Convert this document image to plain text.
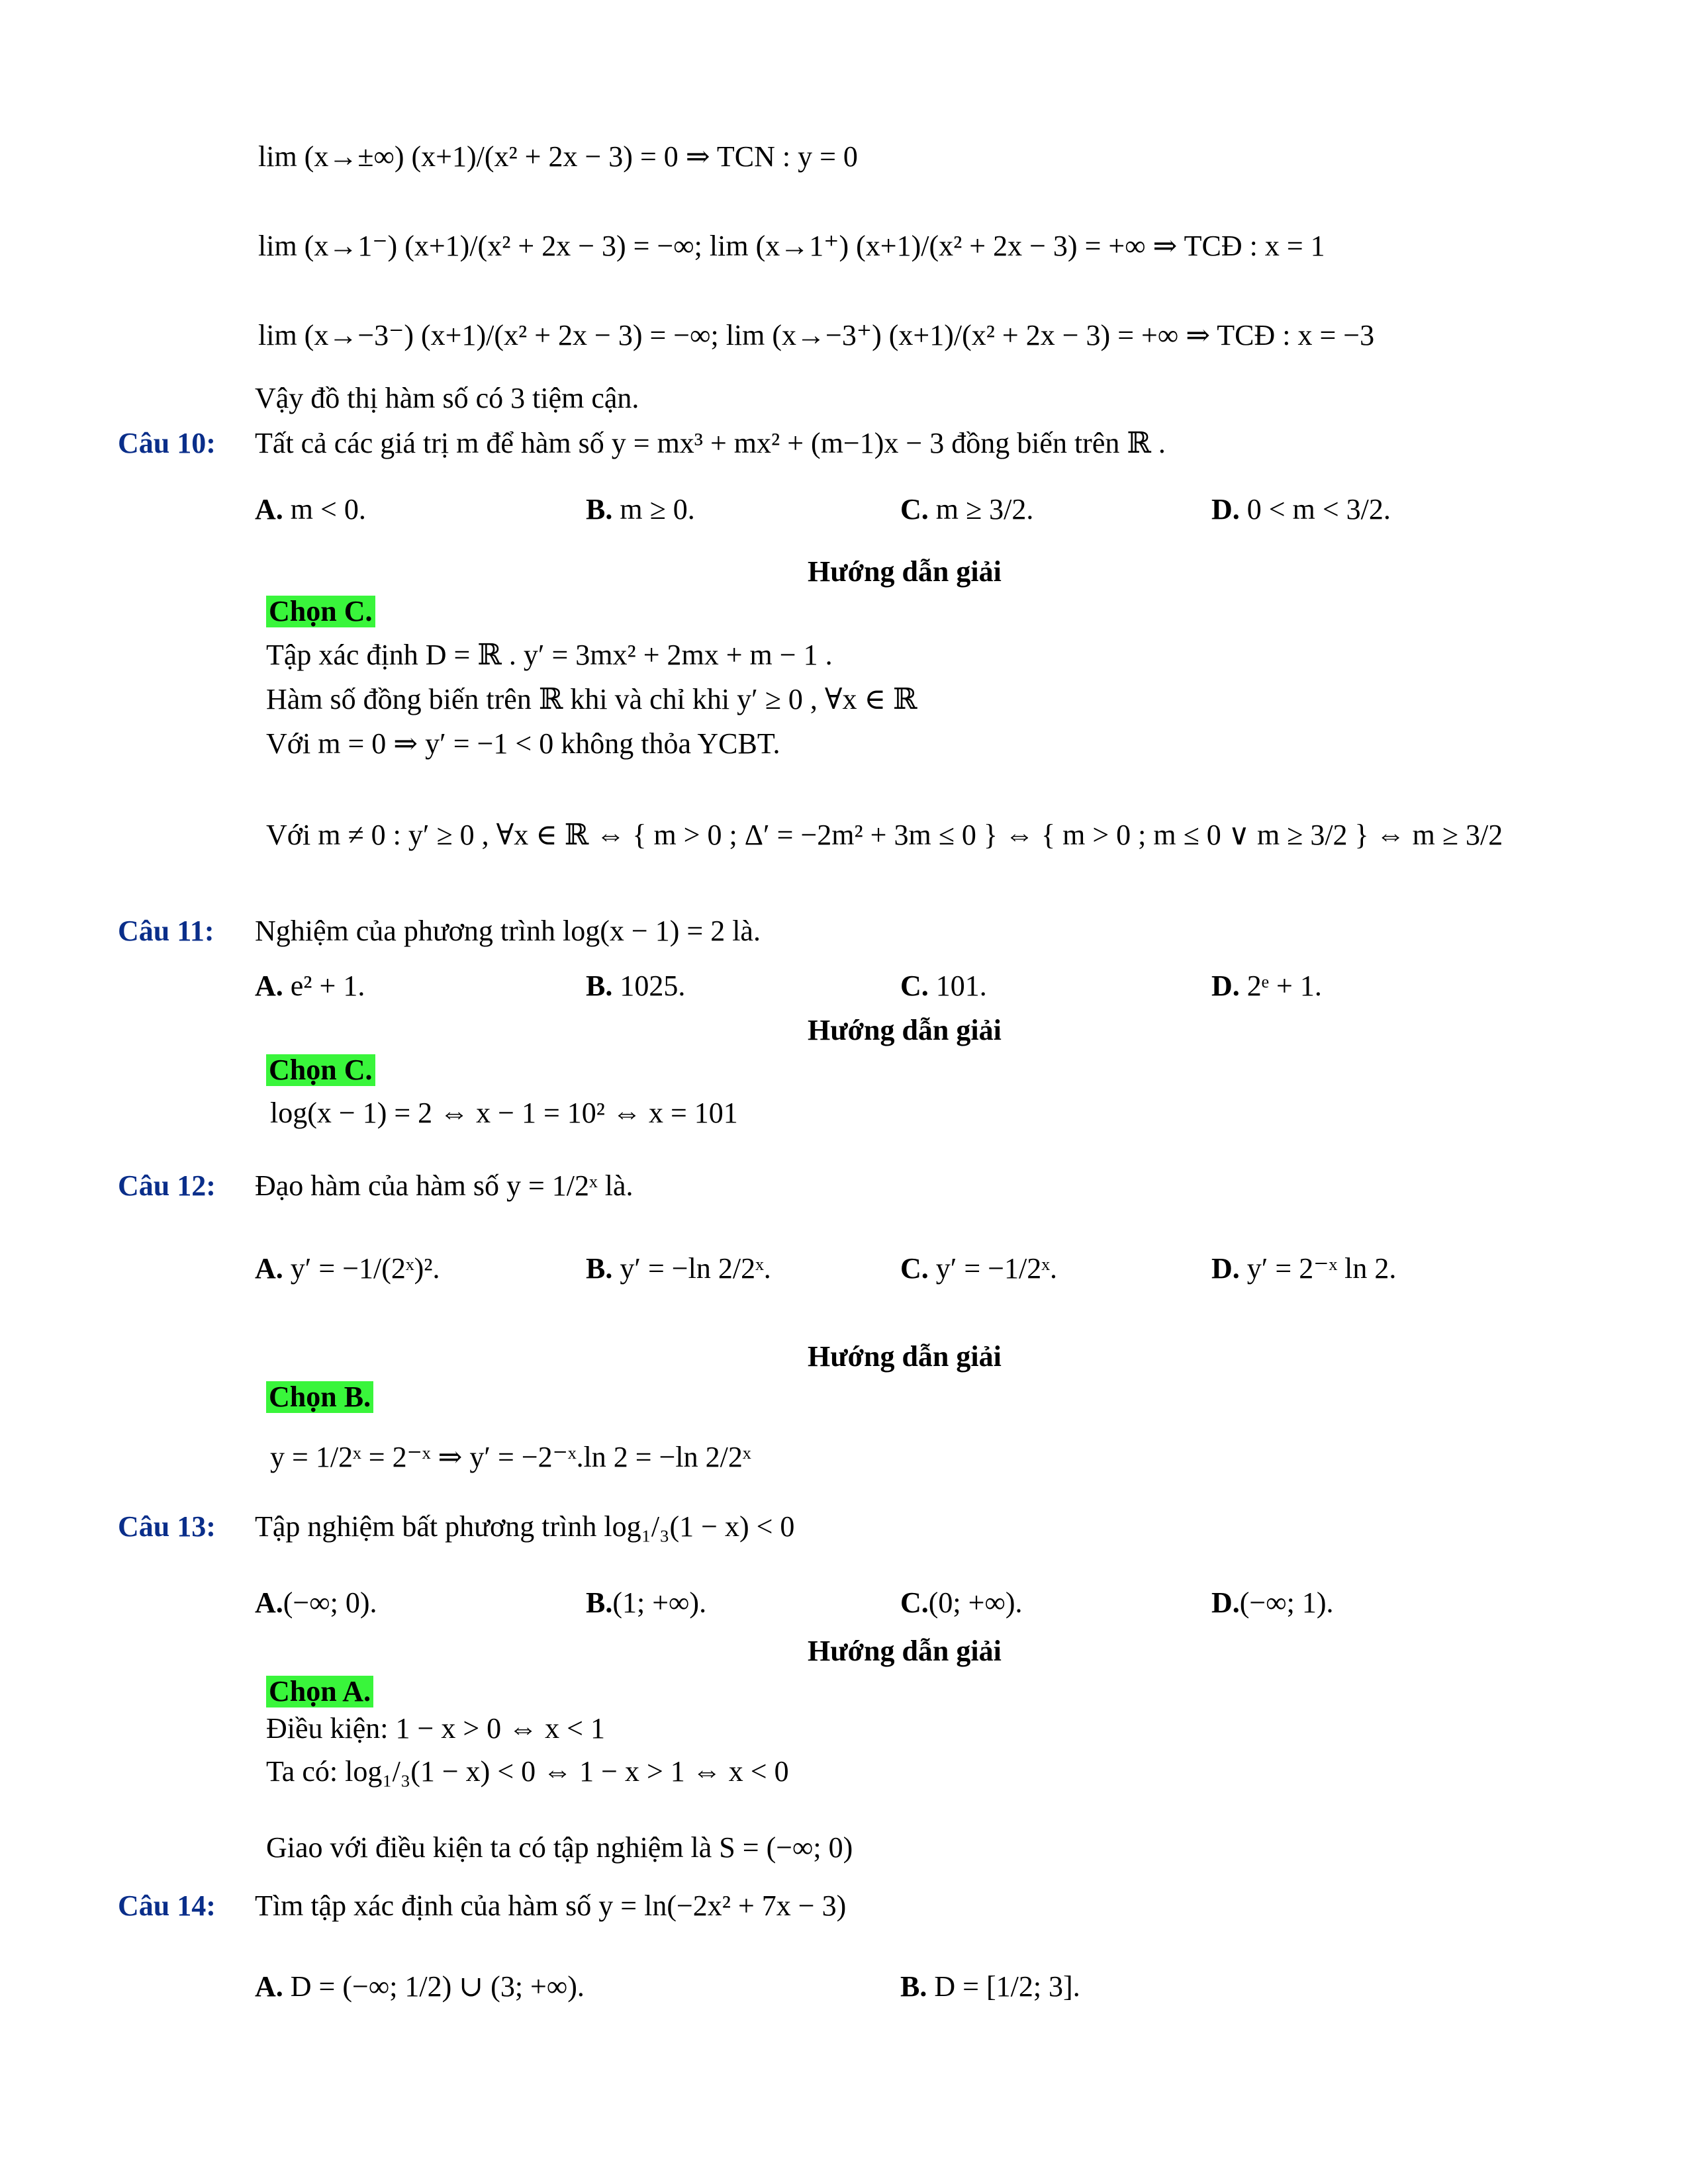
lim (x→±∞) (x+1)/(x² + 2x − 3) = 0 ⇒ TCN : y = 0
lim (x→1⁻) (x+1)/(x² + 2x − 3) = −∞; lim (x→1⁺) (x+1)/(x² + 2x − 3) = +∞ ⇒ TCĐ : x = 1
lim (x→−3⁻) (x+1)/(x² + 2x − 3) = −∞; lim (x→−3⁺) (x+1)/(x² + 2x − 3) = +∞ ⇒ TCĐ : x = −3
Vậy đồ thị hàm số có 3 tiệm cận.
Câu 10: Tất cả các giá trị m để hàm số y = mx³ + mx² + (m−1)x − 3 đồng biến trên ℝ .
A. m < 0.	B. m ≥ 0.	C. m ≥ 3/2.	D. 0 < m < 3/2.
Hướng dẫn giải
Chọn C.
Tập xác định D = ℝ . y′ = 3mx² + 2mx + m − 1 .
Hàm số đồng biến trên ℝ khi và chỉ khi y′ ≥ 0 , ∀x ∈ ℝ
Với m = 0 ⇒ y′ = −1 < 0 không thỏa YCBT.
Với m ≠ 0 : y′ ≥ 0 , ∀x ∈ ℝ ⇔ { m > 0 ; Δ′ = −2m² + 3m ≤ 0 } ⇔ { m > 0 ; m ≤ 0 ∨ m ≥ 3/2 } ⇔ m ≥ 3/2
Câu 11: Nghiệm của phương trình log(x − 1) = 2 là.
A. e² + 1.	B. 1025.	C. 101.	D. 2ᵉ + 1.
Hướng dẫn giải
Chọn C.
log(x − 1) = 2 ⇔ x − 1 = 10² ⇔ x = 101
Câu 12: Đạo hàm của hàm số y = 1/2ˣ là.
A. y′ = −1/(2ˣ)².	B. y′ = −ln 2/2ˣ.	C. y′ = −1/2ˣ.	D. y′ = 2⁻ˣ ln 2.
Hướng dẫn giải
Chọn B.
y = 1/2ˣ = 2⁻ˣ ⇒ y′ = −2⁻ˣ.ln 2 = −ln 2/2ˣ
Câu 13: Tập nghiệm bất phương trình log₁/₃(1 − x) < 0
A.(−∞; 0).	B.(1; +∞).	C.(0; +∞).	D.(−∞; 1).
Hướng dẫn giải
Chọn A.
Điều kiện: 1 − x > 0 ⇔ x < 1
Ta có: log₁/₃(1 − x) < 0 ⇔ 1 − x > 1 ⇔ x < 0
Giao với điều kiện ta có tập nghiệm là S = (−∞; 0)
Câu 14: Tìm tập xác định của hàm số y = ln(−2x² + 7x − 3)
A. D = (−∞; 1/2) ∪ (3; +∞).	B. D = [1/2; 3].
